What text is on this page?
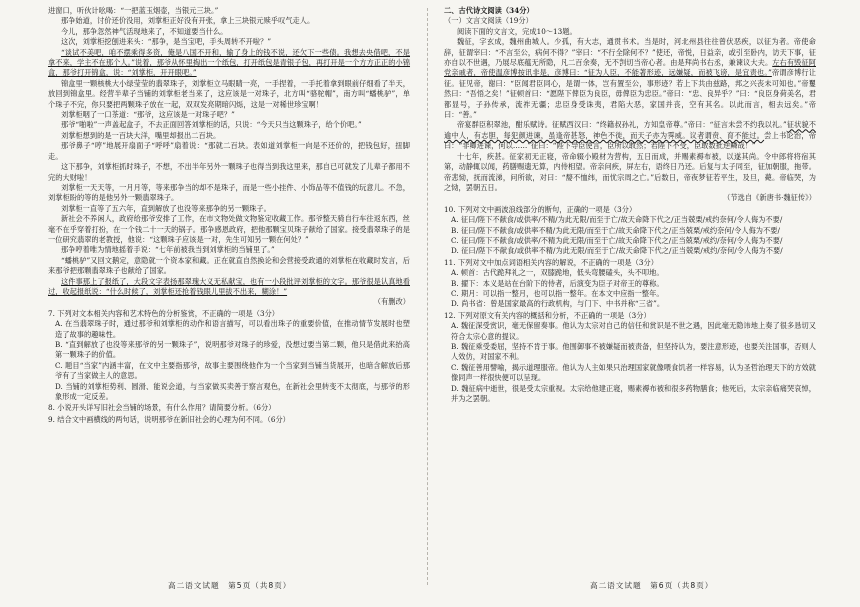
进窗口，听伙计吆喝：“一把蓝玉烟壶，当银元三块。”

那争始道，讨价还价没用，刘掌柜正好没有开张，拿上三块银元赎乎叹气走人。

今儿，那争忽然神气活现地来了，不知道要当什么。

这次，刘掌柜挖刨进来头：“那争，是当宝吧，手头周转不开啦？”

“谈试不美吧，咱不摆乘得多资，俺是八国不开和，输了身上的钱不说，还欠下一些债。我想去央借吧，不是拿不来，学主不在那个人。”说着，那爷从怀里掏出一个纸包，打开纸包是青银子包，再打开是一个方方正正的小锦盒，那爷打开锦盒，说：“刘掌柜，开开眼吧。”

锦盒里一颗核桃大小绿莹莹的翡翠珠子，刘掌柜立马眼睛一亮，一手捏着，一手托着拿到眼前仔细看了半天，放回到锦盒里。经营半辈子当铺的刘掌柜老当来了，这应该是一对珠子，北方叫“骆驼帽”，南方叫“蟠桃驴”，单个珠子不完，你只要把两颗珠子放在一起，双双发亮期暗闪烁，这是一对稀世珍宝啊！

刘掌柜咽了一口茶道：“那爷，这应该是一对珠子吧？”

那爷“啪啦”一声盖起盒子，不去正面回答刘掌柜的话，只说：“今天只当这颗珠子，给个价吧。”

刘掌柜想到的是一百块大洋，嘴里却报出二百块。

那爷鼻子“哼”地展开扇面子“呼呼”扇着说：“那就二百块。表如道刘掌柜一向是不还价的，把钱包好，扭脚走。

这下那争，刘掌柜抓时珠子，不想，不出半年另外一颗珠子也得当到我这里来，那自已可就发了儿辈子都用不完的大财啦！

刘掌柜一天天等，一月月等，等来那争当的却不是珠子，而是一些小挂件、小饰品等不值钱的玩意儿。不急，刘掌柜盼的等的是他另外一颗翡翠珠子。

刘掌柜一直等了五六年，直到解放了也没等来那争的另一颗珠子。

新社会不养闲人，政府给那爷安排了工作，在市文物处做文物鉴定收藏工作。那爷整天骑自行车往返东西，丝毫不在乎穿着打扮，在一个钱二十一天的锅子。那争感恩政府，把他那颗宝贝珠子献给了国家。接受翡翠珠子的是一位研究翡翠的老教授，他说：“这颗珠子应该是一对，先生可知另一颗在何处？”

那争哼着唯为情地摇着手说：“七年前被我当到刘掌柜的当铺里了。”

“蟠桃驴”又回文鹅定，意隐就一个资本家和藏。正在就直自然换论和会营接受政通的刘掌柜在收藏时发言，后来那爷把那颗翡翠珠子也献给了国家。

这件事那上了报纸了，大段文字表扬那翠瑰大义无私献宝，也有一小段批评刘掌柜的文字。那爷很是认真地看过，收起报纸说：“什么时候了，刘掌柜还抢着钱眼儿里拔不出来，糊涂！”

（有删改）

7. 下列对文本相关内容和艺术特色的分析鉴赏，不正确的一项是（3分）

A. 在当翡翠珠子时，通过那爷和刘掌柜的动作和语言描写，可以看出珠子的重要价值，在推动情节发展时也塑造了故事的趣味性。

B. “直到解放了也没等来那爷的另一颗珠子”，说明那爷对珠子的珍爱，没想过要当第二颗，他只是借此来抬高第一颗珠子的价值。

C. 题目“当家”内涵丰富，在文中主要指那爷，故事主要围绕他作为一个当家到当铺当货展开，也暗含解放后那爷有了当家做主人的意思。

D. 当铺的刘掌柜势利、圆滑、能说会道，与当家做买卖善于察言观色，在新社会里转变不太彻底，与那爷的形象形成一定反差。

8. 小说开头详写旧社会当铺的场景，有什么作用？请简要分析。（6分）

9. 结合文中画横线的两句话，说明那爷在新旧社会的心理为何不同。（6分）

二、古代诗文阅读（34分）

（一）文言文阅读（19分）

阅读下面的文言文，完成10～13题。

魏征，字玄成，魏州曲城人。少孤，有大志，通贯书术。当是时，河北州县往往曾伏恶疾，以征为者。帝使命辞，征谓宰曰：“不言至公，病何不得？”宰曰：“不行全除何不？”使还，帝悦，日益亲，或引至卧内，访天下事，征亦自以不世遇，乃展尽底蕴无所隐，凡二百余奏，无不剀切当帝心者。由是拜尚书右丞，兼谏议大夫。左右有毁征阿党亲戚者，帝使温彦博按讯非是，彦博曰：“征为人臣，不能著形迹，远嫌疑，而被飞谤，是宜责也。”帝谓彦博行让征。征见帝，谢曰：“臣闻君臣同心，是谓一体，岂有置至公，事形迹？若上下共由兹路，邦之兴丧未可知也。”帝矍然曰：“吾悟之矣！”征顿首曰：“愿陛下俾臣为良臣，毋俾臣为忠臣。”帝曰：“忠、良异乎？”曰：“良臣身荷美名，君都显号，子孙传承，流祚无疆；忠臣身受诛夷，君陷大恶，家国并丧，空有其名。以此而言，相去远矣。”帝曰：“善。”

帝宴群臣积翠池，酣乐赋诗。征赋西汉曰：“终籍叔孙礼，方知皇帝尊。”帝曰：“征言未尝不约我以礼。”征状貌不逾中人，有志胆，每犯颜进谏，虽逢帝甚怒，神色不徙，而天子亦为霁威。议者谓贲、育不能过。尝上书论治，帝曰：“非卿进谏，何以……”征曰：“陛下导臣使言，臣所以敢然；若陛下不受，臣敢数批逆鳞哉！”

十七年，疾甚。征家初无正寝，帝命辍小殿材为营构，五日而成，并赐素褥布被，以遂其尚。令中郎将将宿其第，动静辄以闻，药膳赐遗无算，内侍相望。帝亲问疾，屏左右，语终日乃还。后复与太子同至，征加朝服，拖带。帝悲恸，抚而流涕，问所欲，对曰：“嫠不恤纬，而忧宗周之亡。”后数日，帝夜梦征若平生，及旦，薨。帝临哭，为之恸，罢朝五日。

（节选自《新唐书·魏征传》）

10. 下列对文中画波浪线部分的断句，正确的一项是（3分）

A. 征曰/陛下不献食/或供率/不精/为此无限/而至于亡/故天命降下代之/正当兢栗/戒约奈何/令人侮为不要/

B. 征曰/陛下不献食/或供率不精/为此无限/而至于亡/故天命降下代之/正当兢栗/戒约奈何/令人侮为不要/

C. 征曰/陛下不献食/或供率/不精为此无限/而至于亡/故天命降下代之/正当兢栗/戒约/奈何/令人侮为不要/

D. 征曰/陛下不献食/或供率不精/为此无限/而至于亡/故天命降下代之/正当兢栗/戒约/奈何/令人侮为不要/

11. 下列对文中加点词语相关内容的解说，不正确的一项是（3分）

A. 顿首：古代跪拜礼之一，双膝跪地，低头弯腰磕头，头不叩地。

B. 擢下：本义是站在台阶下的侍者，后演变为臣子对帝王的尊称。

C. 期月：可以指一整月，也可以指一整年。在本文中应指一整年。

D. 尚书省：曾是国家最高的行政机构，与门下、中书并称“三省”。

12. 下列对原文有关内容的概括和分析，不正确的一项是（3分）

A. 魏征深受赏识，毫无保留奏事。他认为太宗对自己的信任和赏识是不世之遇，因此毫无隐讳地上奏了很多恳切又符合太宗心意的提议。

B. 魏征乘受委屈，坚持不肯于事。他围御事不被嫌疑而被责备，但坚持认为，要注意形迹，也要关注国事，否则人人效仿，对国家不利。

C. 魏征善用譬喻，揭示道理服帝。他认为人主如果只治理国家就像喂食饥者一样容易，认为圣哲治理天下的方效就像同声一样很快便可以呈现。

D. 魏征病中逝世，很是受太宗重视。太宗给他建正寝，赐素褥布被和很多药物膳食；他死后，太宗亲临痛哭哀悼，并为之罢朝。

高二语文试题　第5页（共8页）	高二语文试题　第6页（共8页）
